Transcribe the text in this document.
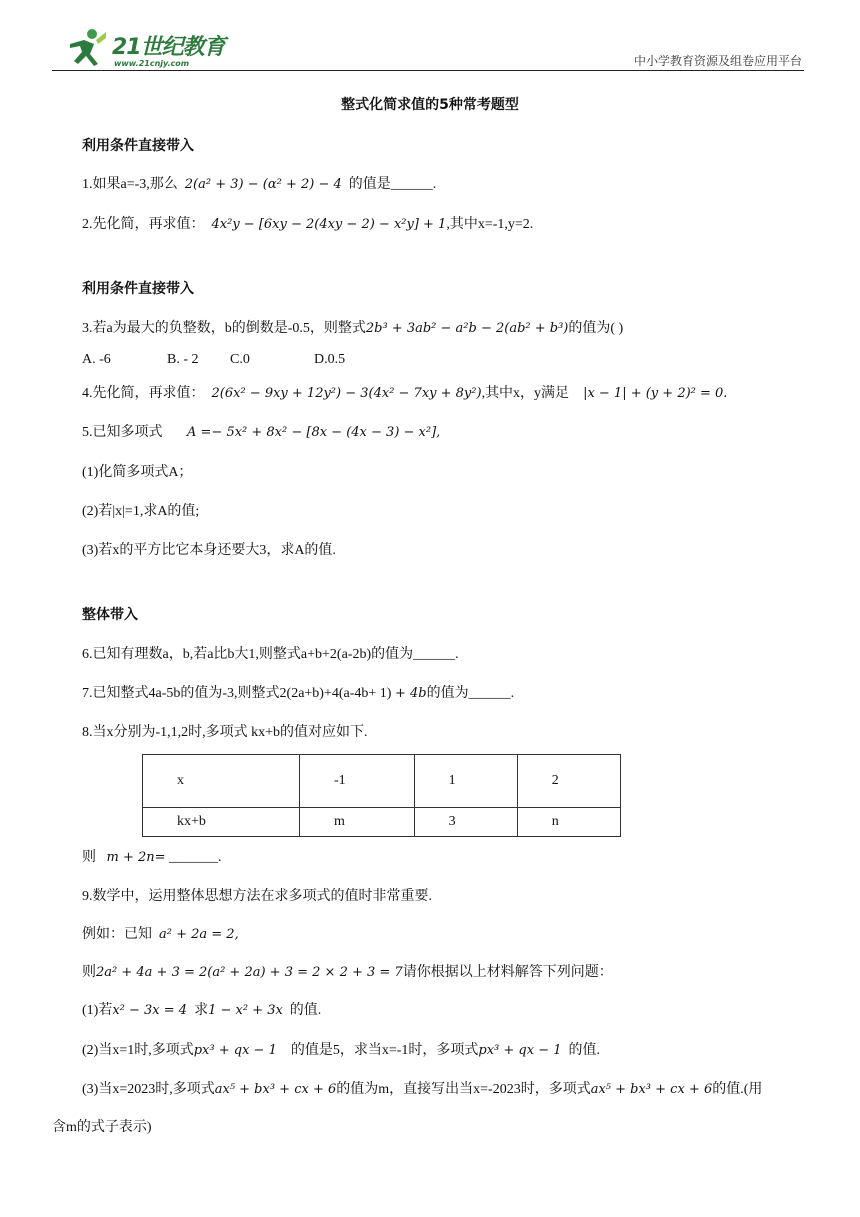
21世纪教育
www.21cnjy.com	中小学教育资源及组卷应用平台
整式化简求值的5种常考题型
利用条件直接带入
1.如果a=-3,那么 2(a² + 3) − (α² + 2) − 4 的值是______.
2.先化简，再求值： 4x²y − [6xy − 2(4xy − 2) − x²y] + 1,其中x=-1,y=2.
利用条件直接带入
3.若a为最大的负整数，b的倒数是-0.5，则整式2b³ + 3ab² − a²b − 2(ab² + b³)的值为( )
A. -6	B. - 2 C.0	D.0.5
4.先化简，再求值： 2(6x² − 9xy + 12y²) − 3(4x² − 7xy + 8y²),其中x，y满足 |x − 1| + (y + 2)² = 0.
5.已知多项式 A =− 5x² + 8x² − [8x − (4x − 3) − x²],
(1)化简多项式A；
(2)若|x|=1,求A的值;
(3)若x的平方比它本身还要大3，求A的值.
整体带入
6.已知有理数a，b,若a比b大1,则整式a+b+2(a-2b)的值为______.
7.已知整式4a-5b的值为-3,则整式2(2a+b)+4(a-4b+ 1) + 4b的值为______.
8.当x分别为-1,1,2时,多项式 kx+b的值对应如下.
x	-1	1	2
kx+b	m	3	n
则 m + 2n= _______.
9.数学中，运用整体思想方法在求多项式的值时非常重要.
例如：已知 a² + 2a = 2,
则2a² + 4a + 3 = 2(a² + 2a) + 3 = 2 × 2 + 3 = 7请你根据以上材料解答下列问题：
(1)若x² − 3x = 4 求1 − x² + 3x 的值.
(2)当x=1时,多项式px³ + qx − 1 的值是5，求当x=-1时，多项式px³ + qx − 1 的值.
(3)当x=2023时,多项式ax⁵ + bx³ + cx + 6的值为m，直接写出当x=-2023时，多项式ax⁵ + bx³ + cx + 6的值.(用
含m的式子表示)
